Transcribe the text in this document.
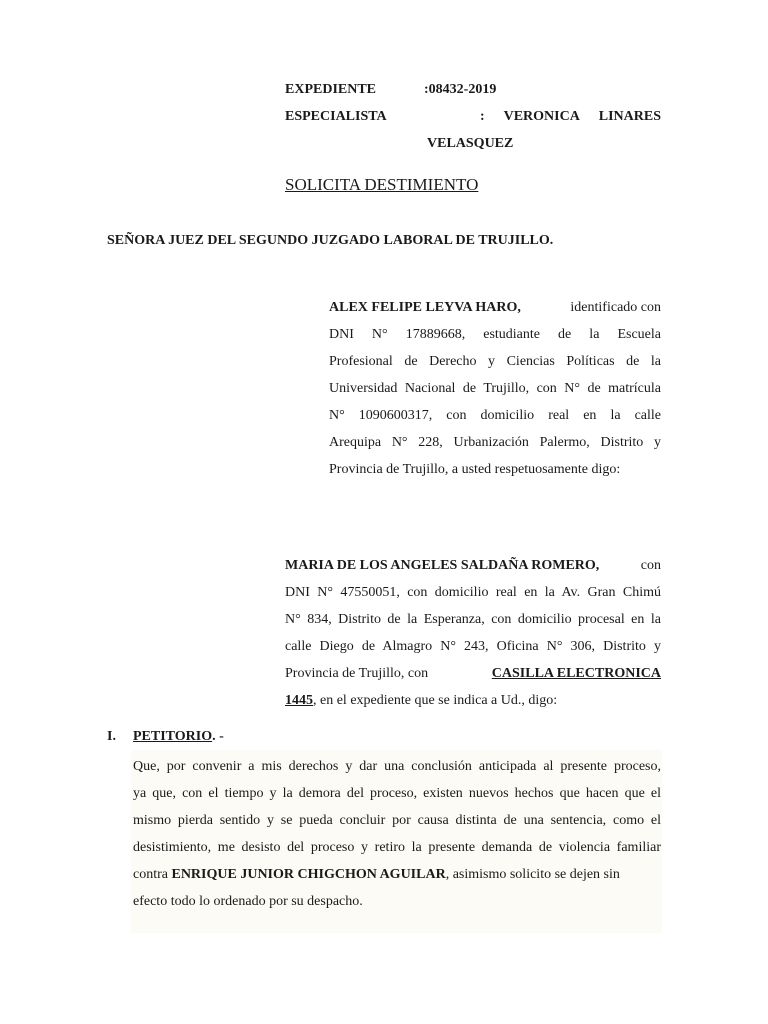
EXPEDIENTE	:08432-2019
ESPECIALISTA	: VERONICA LINARES
VELASQUEZ
SOLICITA DESTIMIENTO
SEÑORA JUEZ DEL SEGUNDO JUZGADO LABORAL DE TRUJILLO.
ALEX FELIPE LEYVA HARO,	identificado con
DNI N° 17889668, estudiante de la Escuela
Profesional de Derecho y Ciencias Políticas de la
Universidad Nacional de Trujillo, con N° de matrícula
N° 1090600317, con domicilio real en la calle
Arequipa N° 228, Urbanización Palermo, Distrito y
Provincia de Trujillo, a usted respetuosamente digo:
MARIA DE LOS ANGELES SALDAÑA ROMERO,	con
DNI N° 47550051, con domicilio real en la Av. Gran Chimú
N° 834, Distrito de la Esperanza, con domicilio procesal en la
calle Diego de Almagro N° 243, Oficina N° 306, Distrito y
Provincia de Trujillo, con	CASILLA ELECTRONICA
1445, en el expediente que se indica a Ud., digo:
I. PETITORIO. -
Que, por convenir a mis derechos y dar una conclusión anticipada al presente proceso,
ya que, con el tiempo y la demora del proceso, existen nuevos hechos que hacen que el
mismo pierda sentido y se pueda concluir por causa distinta de una sentencia, como el
desistimiento, me desisto del proceso y retiro la presente demanda de violencia familiar
contra ENRIQUE JUNIOR CHIGCHON AGUILAR, asimismo solicito se dejen sin
efecto todo lo ordenado por su despacho.
